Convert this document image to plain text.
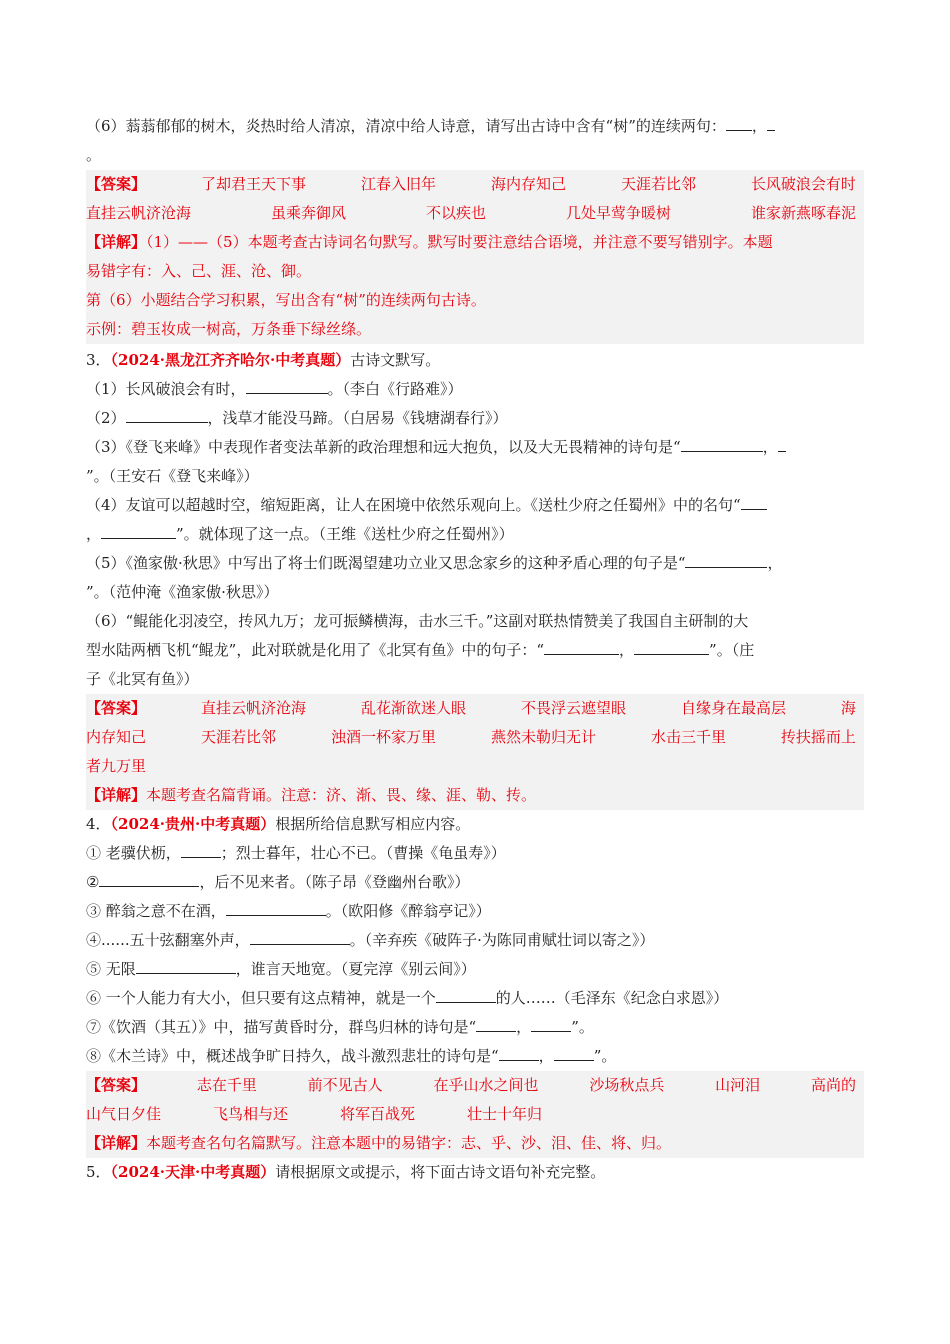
（6）蓊蓊郁郁的树木，炎热时给人清凉，清凉中给人诗意，请写出古诗中含有“树”的连续两句： ，
。
【答案】	了却君王天下事	江春入旧年	海内存知己	天涯若比邻	长风破浪会有时
直挂云帆济沧海	虽乘奔御风	不以疾也	几处早莺争暖树	谁家新燕啄春泥
【详解】（1）——（5）本题考查古诗词名句默写。默写时要注意结合语境，并注意不要写错别字。本题
易错字有：入、己、涯、沧、御。
第（6）小题结合学习积累，写出含有“树”的连续两句古诗。
示例：碧玉妆成一树高，万条垂下绿丝绦。
3．（2024·黑龙江齐齐哈尔·中考真题）古诗文默写。
（1）长风破浪会有时，	。（李白《行路难》）
（2）	，浅草才能没马蹄。（白居易《钱塘湖春行》）
（3）《登飞来峰》中表现作者变法革新的政治理想和远大抱负，以及大无畏精神的诗句是“	，
”。（王安石《登飞来峰》）
（4）友谊可以超越时空，缩短距离，让人在困境中依然乐观向上。《送杜少府之任蜀州》中的名句“
，	”。就体现了这一点。（王维《送杜少府之任蜀州》）
（5）《渔家傲·秋思》中写出了将士们既渴望建功立业又思念家乡的这种矛盾心理的句子是“	，
”。（范仲淹《渔家傲·秋思》）
（6）“鲲能化羽凌空，抟风九万；龙可振鳞横海，击水三千。”这副对联热情赞美了我国自主研制的大
型水陆两栖飞机“鲲龙”，此对联就是化用了《北冥有鱼》中的句子：“	，	”。（庄
子《北冥有鱼》）
【答案】	直挂云帆济沧海	乱花渐欲迷人眼	不畏浮云遮望眼	自缘身在最高层	海
内存知己	天涯若比邻	浊酒一杯家万里	燕然未勒归无计	水击三千里	抟扶摇而上
者九万里
【详解】本题考查名篇背诵。注意：济、渐、畏、缘、涯、勒、抟。
4．（2024·贵州·中考真题）根据所给信息默写相应内容。
① 老骥伏枥，	；烈士暮年，壮心不已。（曹操《龟虽寿》）
②	，后不见来者。（陈子昂《登幽州台歌》）
③ 醉翁之意不在酒，	。（欧阳修《醉翁亭记》）
④......五十弦翻塞外声，	。（辛弃疾《破阵子·为陈同甫赋壮词以寄之》）
⑤ 无限	，谁言天地宽。（夏完淳《别云间》）
⑥ 一个人能力有大小，但只要有这点精神，就是一个	的人……（毛泽东《纪念白求恩》）
⑦《饮酒（其五）》中，描写黄昏时分，群鸟归林的诗句是“	，	”。
⑧《木兰诗》中，概述战争旷日持久，战斗激烈悲壮的诗句是“	，	”。
【答案】	志在千里	前不见古人	在乎山水之间也	沙场秋点兵	山河泪	高尚的
山气日夕佳	飞鸟相与还	将军百战死	壮士十年归
【详解】本题考查名句名篇默写。注意本题中的易错字：志、乎、沙、泪、佳、将、归。
5．（2024·天津·中考真题）请根据原文或提示，将下面古诗文语句补充完整。
